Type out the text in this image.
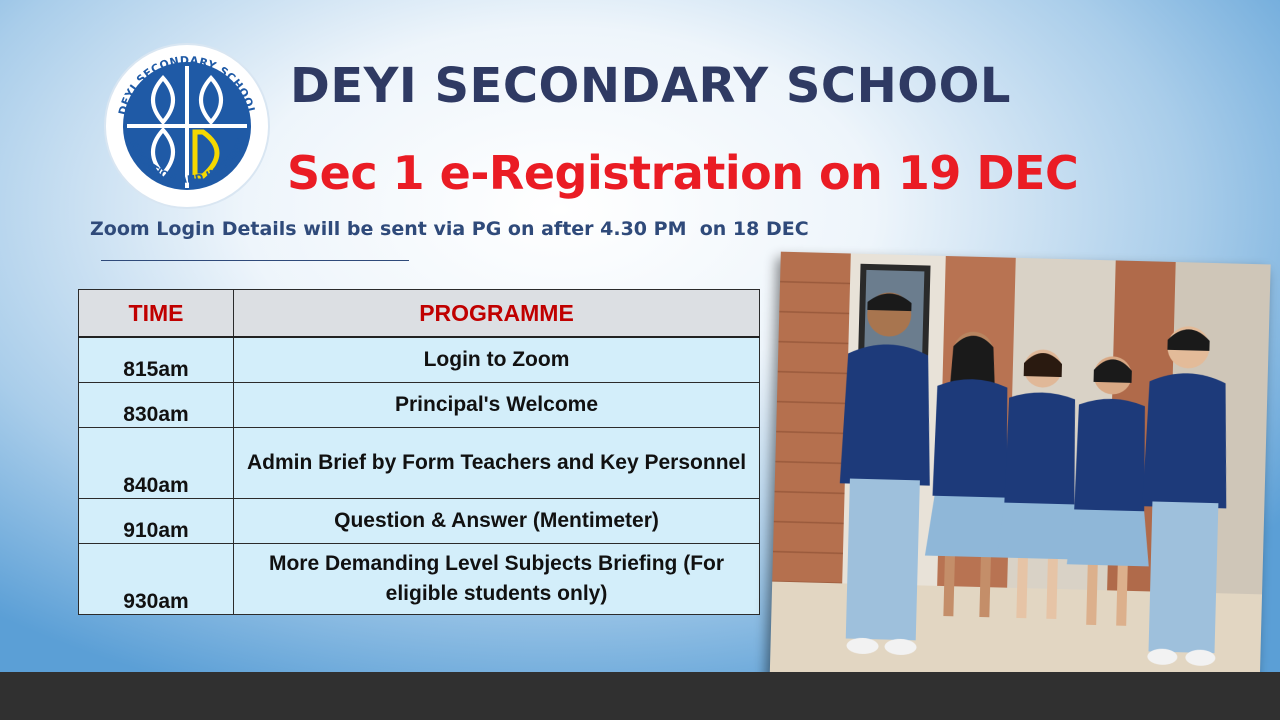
DEYI SECONDARY SCHOOL
EDICATION AND INTEGRIT
DEYI SECONDARY SCHOOL
Sec 1 e-Registration on 19 DEC

Zoom Login Details will be sent via PG on after 4.30 PM  on 18 DEC

TIME	PROGRAMME
815am	Login to Zoom
830am	Principal's Welcome
840am	Admin Brief by Form Teachers and Key Personnel
910am	Question & Answer (Mentimeter)
930am	More Demanding Level Subjects Briefing (For eligible students only)
